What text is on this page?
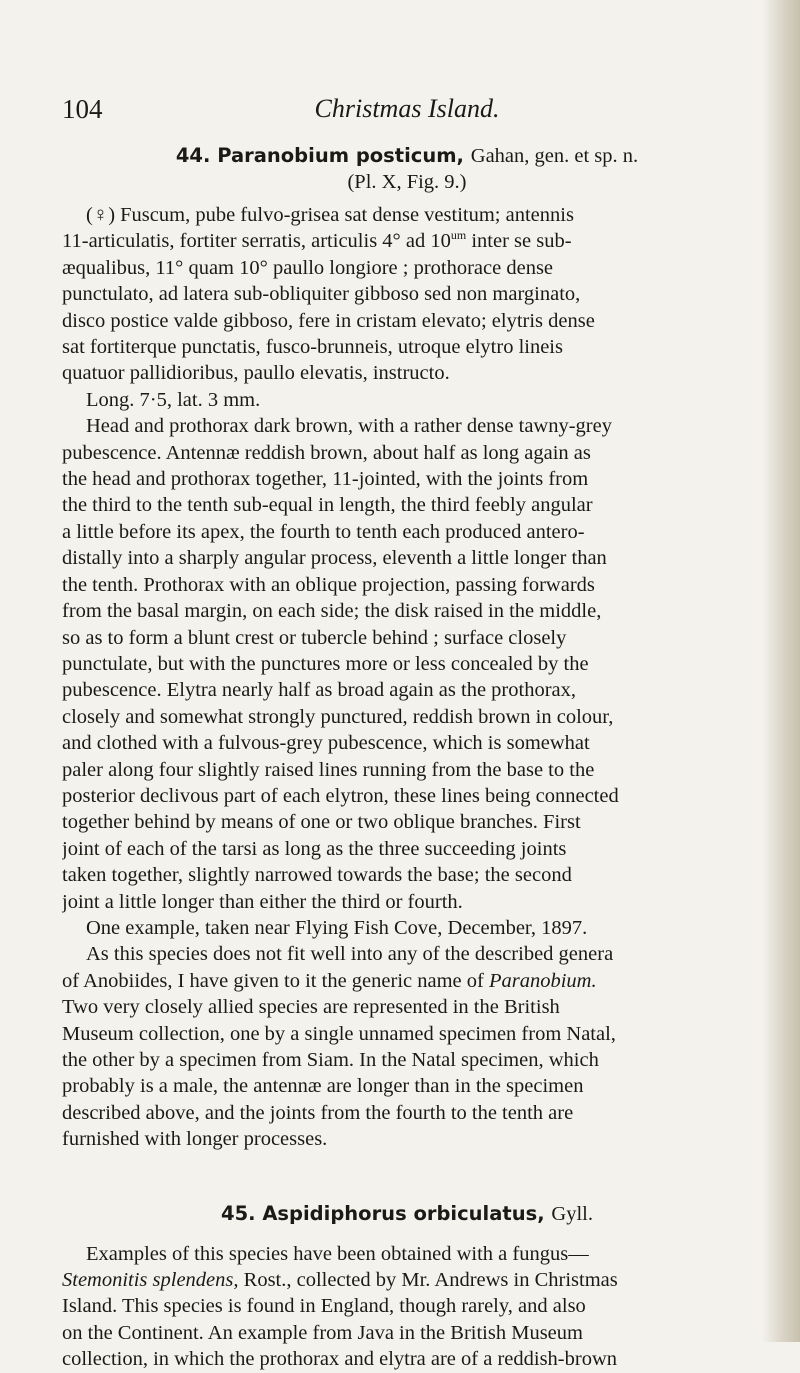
104	Christmas Island.
44. Paranobium posticum, Gahan, gen. et sp. n.

(Pl. X, Fig. 9.)

(♀) Fuscum, pube fulvo-grisea sat dense vestitum; antennis
11-articulatis, fortiter serratis, articulis 4° ad $10^{um}$ inter se sub-
æqualibus, 11° quam 10° paullo longiore ; prothorace dense
punctulato, ad latera sub-obliquiter gibboso sed non marginato,
disco postice valde gibboso, fere in cristam elevato; elytris dense
sat fortiterque punctatis, fusco-brunneis, utroque elytro lineis
quatuor pallidioribus, paullo elevatis, instructo.
Long. 7·5, lat. 3 mm.
Head and prothorax dark brown, with a rather dense tawny-grey
pubescence. Antennæ reddish brown, about half as long again as
the head and prothorax together, 11-jointed, with the joints from
the third to the tenth sub-equal in length, the third feebly angular
a little before its apex, the fourth to tenth each produced antero-
distally into a sharply angular process, eleventh a little longer than
the tenth. Prothorax with an oblique projection, passing forwards
from the basal margin, on each side; the disk raised in the middle,
so as to form a blunt crest or tubercle behind ; surface closely
punctulate, but with the punctures more or less concealed by the
pubescence. Elytra nearly half as broad again as the prothorax,
closely and somewhat strongly punctured, reddish brown in colour,
and clothed with a fulvous-grey pubescence, which is somewhat
paler along four slightly raised lines running from the base to the
posterior declivous part of each elytron, these lines being connected
together behind by means of one or two oblique branches. First
joint of each of the tarsi as long as the three succeeding joints
taken together, slightly narrowed towards the base; the second
joint a little longer than either the third or fourth.
One example, taken near Flying Fish Cove, December, 1897.
As this species does not fit well into any of the described genera
of Anobiides, I have given to it the generic name of Paranobium.
Two very closely allied species are represented in the British
Museum collection, one by a single unnamed specimen from Natal,
the other by a specimen from Siam. In the Natal specimen, which
probably is a male, the antennæ are longer than in the specimen
described above, and the joints from the fourth to the tenth are
furnished with longer processes.
45. Aspidiphorus orbiculatus, Gyll.
Examples of this species have been obtained with a fungus—
Stemonitis splendens, Rost., collected by Mr. Andrews in Christmas
Island. This species is found in England, though rarely, and also
on the Continent. An example from Java in the British Museum
collection, in which the prothorax and elytra are of a reddish-brown
